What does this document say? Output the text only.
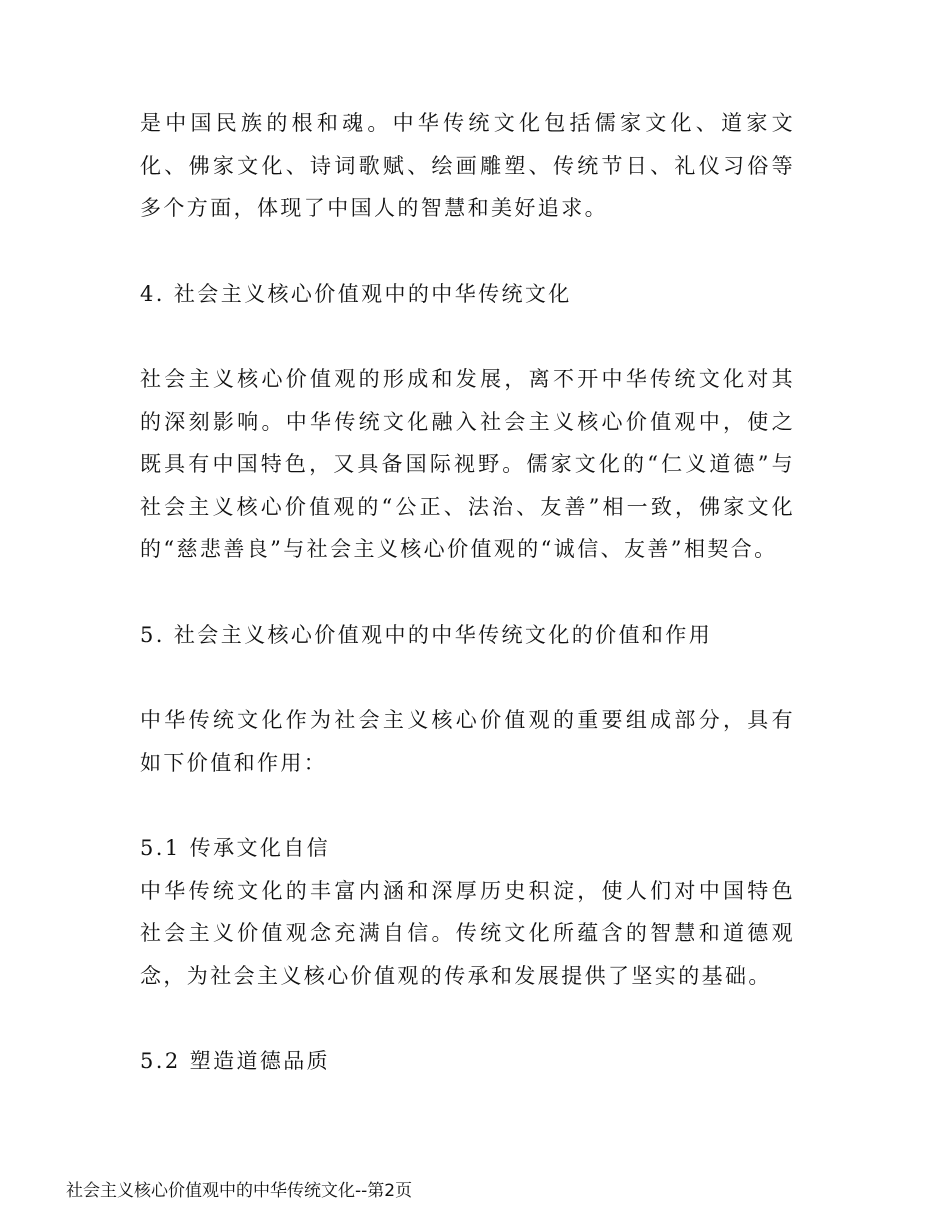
是中国民族的根和魂。中华传统文化包括儒家文化、道家文化、佛家文化、诗词歌赋、绘画雕塑、传统节日、礼仪习俗等多个方面，体现了中国人的智慧和美好追求。

4. 社会主义核心价值观中的中华传统文化

社会主义核心价值观的形成和发展，离不开中华传统文化对其的深刻影响。中华传统文化融入社会主义核心价值观中，使之既具有中国特色，又具备国际视野。儒家文化的“仁义道德”与社会主义核心价值观的“公正、法治、友善”相一致，佛家文化的“慈悲善良”与社会主义核心价值观的“诚信、友善”相契合。

5. 社会主义核心价值观中的中华传统文化的价值和作用

中华传统文化作为社会主义核心价值观的重要组成部分，具有如下价值和作用：

5.1 传承文化自信

中华传统文化的丰富内涵和深厚历史积淀，使人们对中国特色社会主义价值观念充满自信。传统文化所蕴含的智慧和道德观念，为社会主义核心价值观的传承和发展提供了坚实的基础。

5.2 塑造道德品质

社会主义核心价值观中的中华传统文化--第2页
